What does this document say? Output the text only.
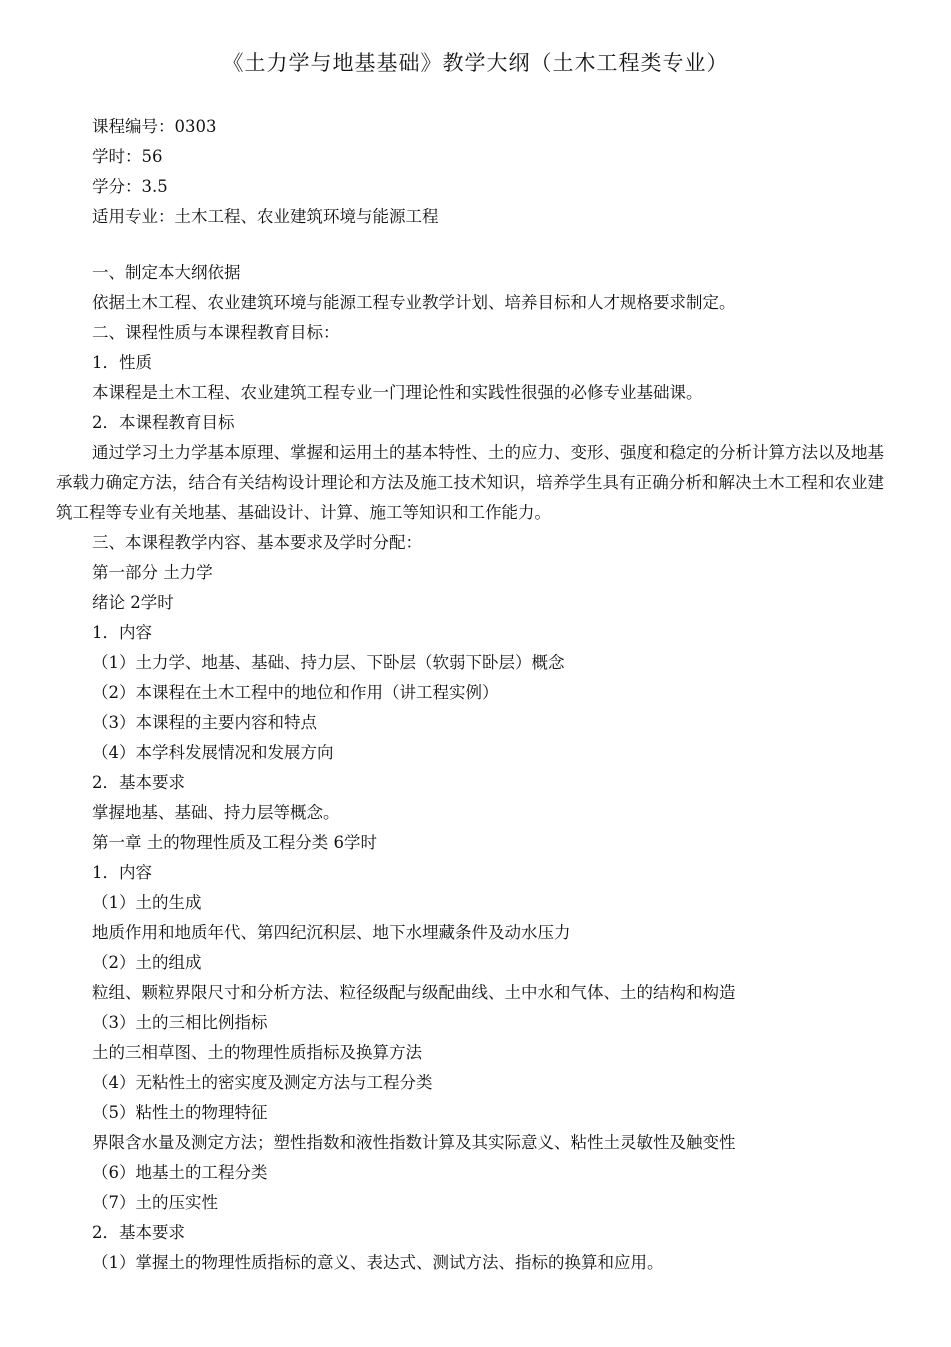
《土力学与地基基础》教学大纲（土木工程类专业）
课程编号：0303
学时：56
学分：3.5
适用专业：土木工程、农业建筑环境与能源工程
一、制定本大纲依据
依据土木工程、农业建筑环境与能源工程专业教学计划、培养目标和人才规格要求制定。
二、课程性质与本课程教育目标：
1．性质
本课程是土木工程、农业建筑工程专业一门理论性和实践性很强的必修专业基础课。
2．本课程教育目标
通过学习土力学基本原理、掌握和运用土的基本特性、土的应力、变形、强度和稳定的分析计算方法以及地基承载力确定方法，结合有关结构设计理论和方法及施工技术知识，培养学生具有正确分析和解决土木工程和农业建筑工程等专业有关地基、基础设计、计算、施工等知识和工作能力。
三、本课程教学内容、基本要求及学时分配：
第一部分 土力学
绪论 2学时
1．内容
（1）土力学、地基、基础、持力层、下卧层（软弱下卧层）概念
（2）本课程在土木工程中的地位和作用（讲工程实例）
（3）本课程的主要内容和特点
（4）本学科发展情况和发展方向
2．基本要求
掌握地基、基础、持力层等概念。
第一章 土的物理性质及工程分类 6学时
1．内容
（1）土的生成
地质作用和地质年代、第四纪沉积层、地下水埋藏条件及动水压力
（2）土的组成
粒组、颗粒界限尺寸和分析方法、粒径级配与级配曲线、土中水和气体、土的结构和构造
（3）土的三相比例指标
土的三相草图、土的物理性质指标及换算方法
（4）无粘性土的密实度及测定方法与工程分类
（5）粘性土的物理特征
界限含水量及测定方法；塑性指数和液性指数计算及其实际意义、粘性土灵敏性及触变性
（6）地基土的工程分类
（7）土的压实性
2．基本要求
（1）掌握土的物理性质指标的意义、表达式、测试方法、指标的换算和应用。
